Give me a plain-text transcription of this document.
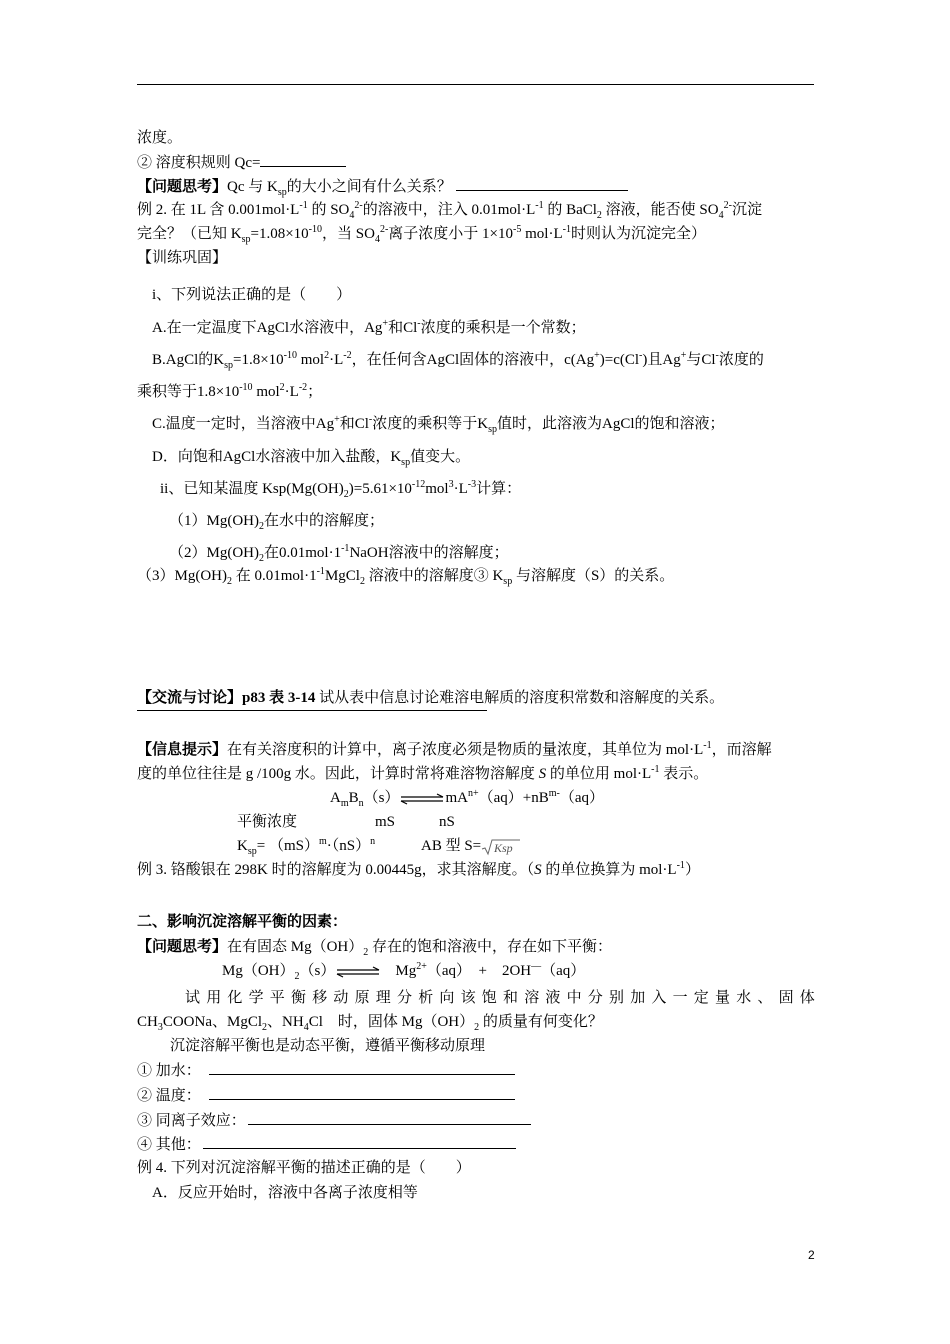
浓度。
② 溶度积规则 Qc=
【问题思考】Qc 与 $K_{sp}$的大小之间有什么关系？
例 2. 在 1L 含 $0.001mol\cdot L^{-1}$ 的 $SO_4^{2-}$的溶液中，注入 $0.01mol\cdot L^{-1}$ 的 BaCl$_2$ 溶液，能否使 $SO_4^{2-}$沉淀
完全？（已知 $K_{sp}=1.08\times 10^{-10}$，当 $SO_4^{2-}$离子浓度小于 $1\times 10^{-5}$ $mol\cdot L^{-1}$时则认为沉淀完全）
【训练巩固】
i、下列说法正确的是（　　）
A.在一定温度下AgCl水溶液中，Ag+和Cl-浓度的乘积是一个常数；
B.AgCl的$K_{sp}=1.8\times 10^{-10}$ $mol^2\cdot L^{-2}$，在任何含AgCl固体的溶液中，c(Ag+)=c(Cl-)且Ag+与Cl-浓度的
乘积等于$1.8\times 10^{-10}$ $mol^2\cdot L^{-2}$；
C.温度一定时，当溶液中Ag+和Cl-浓度的乘积等于$K_{sp}$值时，此溶液为AgCl的饱和溶液；
D．向饱和AgCl水溶液中加入盐酸，$K_{sp}$值变大。
ii、已知某温度 $Ksp(Mg(OH)_2)=5.61\times 10^{-12}mol^3\cdot L^{-3}$计算：
$(1)Mg(OH)_2$在水中的溶解度；
$(2)Mg(OH)_2$在$0.01mol\cdot 1^{-1}NaOH$溶液中的溶解度；
$(3)Mg(OH)_2$ 在 $0.01mol\cdot 1^{-1}MgCl_2$ 溶液中的溶解度③ $K_{sp}$ 与溶解度（S）的关系。
【交流与讨论】p83 表 3-14 试从表中信息讨论难溶电解质的溶度积常数和溶解度的关系。
【信息提示】在有关溶度积的计算中，离子浓度必须是物质的量浓度，其单位为 $mol\cdot L^{-1}$，而溶解
度的单位往往是 g /100g 水。因此，计算时常将难溶物溶解度 S 的单位用 $mol\cdot L^{-1}$ 表示。
$A_mB_n(s)\rightleftharpoons mA^{n+}(aq)+nB^{m-}(aq)$
平衡浓度	mS	nS
$K_{sp}= (mS)^m\cdot(nS)^n$	AB 型 S= Ksp
例 3. 铬酸银在 298K 时的溶解度为 0.00445g，求其溶解度。（S 的单位换算为 $mol\cdot L^{-1}$）
二、影响沉淀溶解平衡的因素：
【问题思考】在有固态 $Mg(OH)_2$ 存在的饱和溶液中，存在如下平衡：
$Mg(OH)_2(s)\rightleftharpoons$ $Mg^{2+}(aq)$　+　2OH—（aq）
试用化学平衡移动原理分析向该饱和溶液中分别加入一定量水、固体
$CH_3COONa$、MgCl$_2$、$NH_4Cl$　时，固体 $Mg(OH)_2$ 的质量有何变化？
沉淀溶解平衡也是动态平衡，遵循平衡移动原理
① 加水：
② 温度：
③ 同离子效应：
④ 其他：
例 4. 下列对沉淀溶解平衡的描述正确的是（　　）
A．反应开始时，溶液中各离子浓度相等
2
